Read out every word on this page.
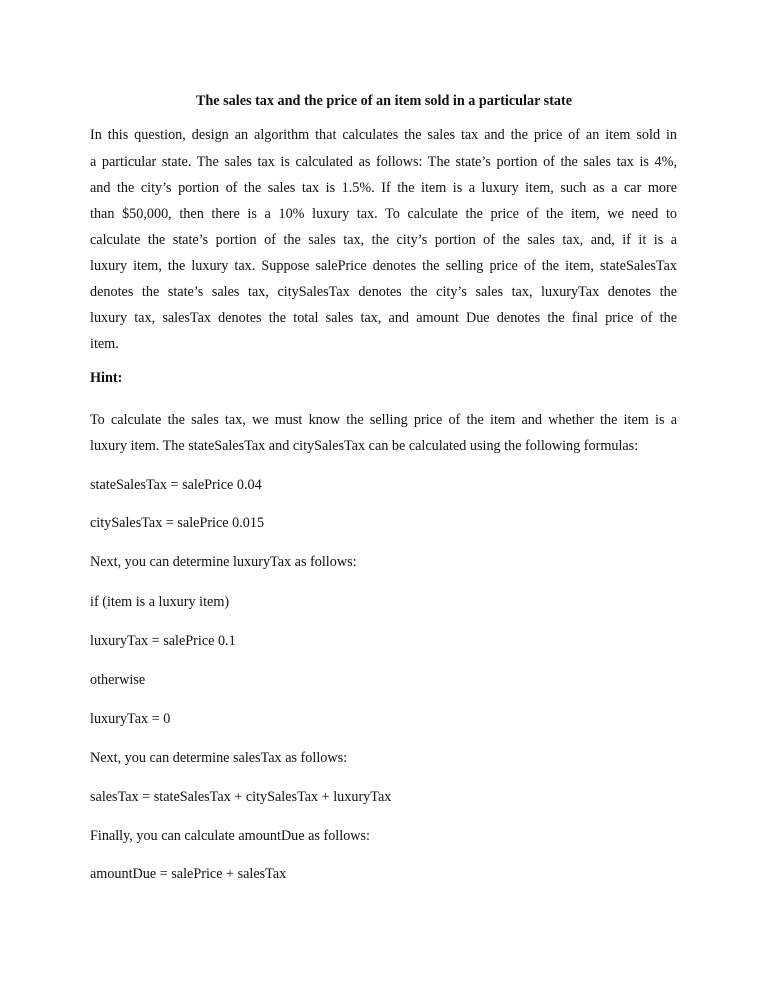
The sales tax and the price of an item sold in a particular state
In this question, design an algorithm that calculates the sales tax and the price of an item sold in
a particular state. The sales tax is calculated as follows: The state’s portion of the sales tax is 4%,
and the city’s portion of the sales tax is 1.5%. If the item is a luxury item, such as a car more
than $50,000, then there is a 10% luxury tax. To calculate the price of the item, we need to
calculate the state’s portion of the sales tax, the city’s portion of the sales tax, and, if it is a
luxury item, the luxury tax. Suppose salePrice denotes the selling price of the item, stateSalesTax
denotes the state’s sales tax, citySalesTax denotes the city’s sales tax, luxuryTax denotes the
luxury tax, salesTax denotes the total sales tax, and amount Due denotes the final price of the
item.
Hint:
To calculate the sales tax, we must know the selling price of the item and whether the item is a
luxury item. The stateSalesTax and citySalesTax can be calculated using the following formulas:
stateSalesTax = salePrice 0.04
citySalesTax = salePrice 0.015
Next, you can determine luxuryTax as follows:
if (item is a luxury item)
luxuryTax = salePrice 0.1
otherwise
luxuryTax = 0
Next, you can determine salesTax as follows:
salesTax = stateSalesTax + citySalesTax + luxuryTax
Finally, you can calculate amountDue as follows:
amountDue = salePrice + salesTax
